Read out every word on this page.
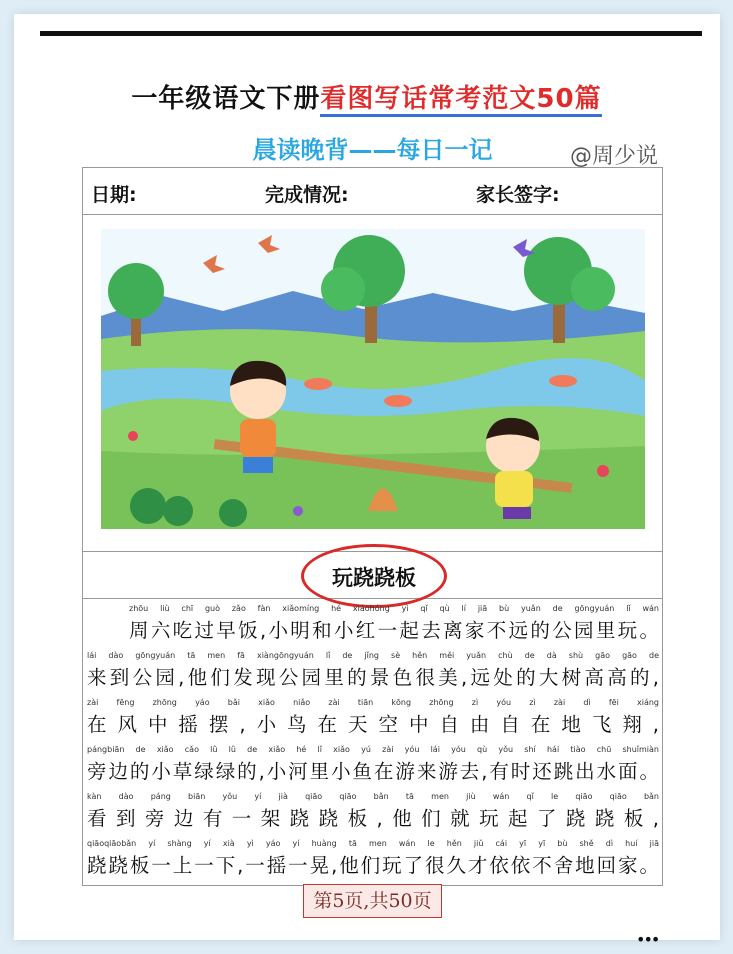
一年级语文下册看图写话常考范文50篇
晨读晚背——每日一记	@周少说
日期:	完成情况:	家长签字:
玩跷跷板
zhōu liù chī guò zǎo fàn xiǎomíng hé xiǎohóng yì qǐ qù lí jiā bù yuǎn de gōngyuán lǐ wán
周六吃过早饭,小明和小红一起去离家不远的公园里玩。
lái dào gōngyuán tā men fā xiàngōngyuán lǐ de jǐng sè hěn měi yuǎn chù de dà shù gāo gāo de
来到公园,他们发现公园里的景色很美,远处的大树高高的,
zài fēng zhōng yáo bǎi xiǎo niǎo zài tiān kōng zhōng zì yóu zì zài dì fēi xiáng
在风中摇摆,小鸟在天空中自由自在地飞翔,
pángbiān de xiǎo cǎo lǜ lǜ de xiǎo hé lǐ xiǎo yú zài yóu lái yóu qù yǒu shí hái tiào chū shuǐmiàn
旁边的小草绿绿的,小河里小鱼在游来游去,有时还跳出水面。
kàn dào páng biān yǒu yí jià qiāo qiāo bǎn tā men jiù wán qǐ le qiāo qiāo bǎn
看到旁边有一架跷跷板,他们就玩起了跷跷板,
qiāoqiāobǎn yí shàng yí xià yì yáo yí huàng tā men wán le hěn jiǔ cái yī yī bù shě dì huí jiā
跷跷板一上一下,一摇一晃,他们玩了很久才依依不舍地回家。
第5页,共50页
•••
